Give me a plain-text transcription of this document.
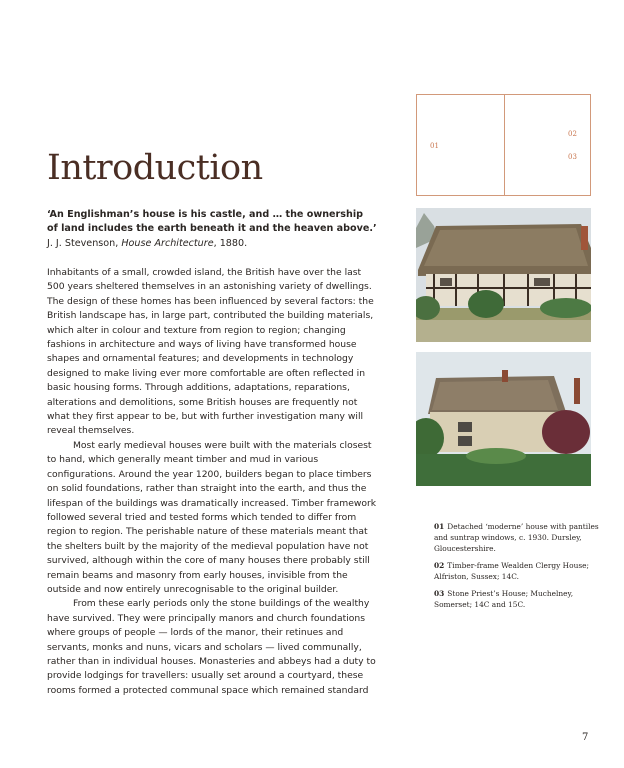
Introduction
‘An Englishman’s house is his castle, and … the ownership of land includes the earth beneath it and the heaven above.’
J. J. Stevenson, House Architecture, 1880.

Inhabitants of a small, crowded island, the British have over the last 500 years sheltered themselves in an astonishing variety of dwellings. The design of these homes has been influenced by several factors: the British landscape has, in large part, contributed the building materials, which alter in colour and texture from region to region; changing fashions in architecture and ways of living have transformed house shapes and ornamental features; and developments in technology designed to make living ever more comfortable are often reflected in basic housing forms. Through additions, adaptations, reparations, alterations and demolitions, some British houses are frequently not what they first appear to be, but with further investigation many will reveal themselves.

Most early medieval houses were built with the materials closest to hand, which generally meant timber and mud in various configurations. Around the year 1200, builders began to place timbers on solid foundations, rather than straight into the earth, and thus the lifespan of the buildings was dramatically increased. Timber framework followed several tried and tested forms which tended to differ from region to region. The perishable nature of these materials meant that the shelters built by the majority of the medieval population have not survived, although within the core of many houses there probably still remain beams and masonry from early houses, invisible from the outside and now entirely unrecognisable to the original builder.

From these early periods only the stone buildings of the wealthy have survived. They were principally manors and church foundations where groups of people — lords of the manor, their retinues and servants, monks and nuns, vicars and scholars — lived communally, rather than in individual houses. Monasteries and abbeys had a duty to provide lodgings for travellers: usually set around a courtyard, these rooms formed a protected communal space which remained standard

01
02
03

01 Detached ‘moderne’ house with pantiles and suntrap windows, c. 1930. Dursley, Gloucestershire.

02 Timber-frame Wealden Clergy House; Alfriston, Sussex; 14C.

03 Stone Priest’s House; Muchelney, Somerset; 14C and 15C.

7
